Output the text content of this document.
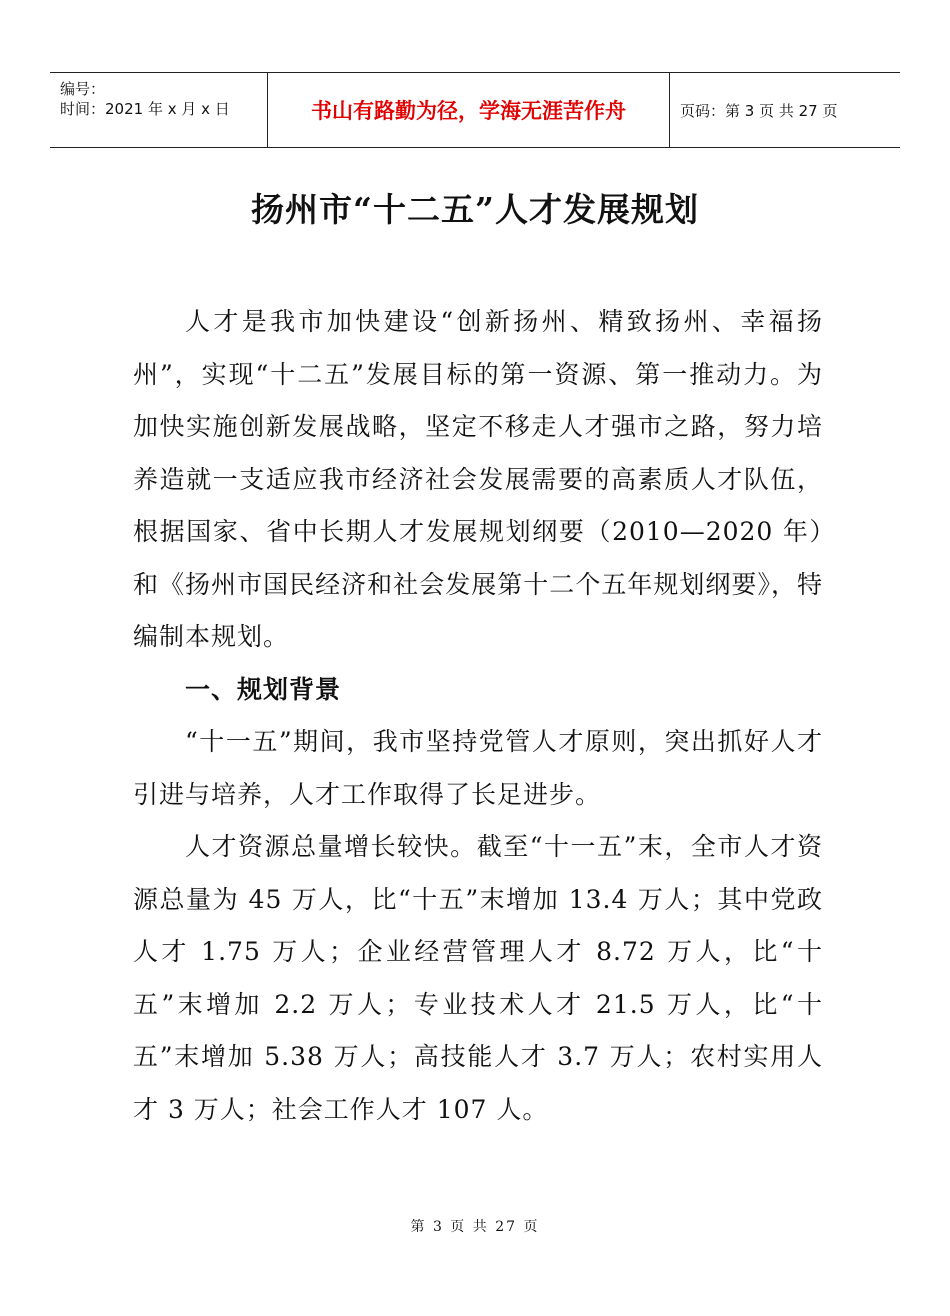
编号：
时间：2021 年 x 月 x 日	书山有路勤为径，学海无涯苦作舟	页码：第 3 页 共 27 页
扬州市“十二五”人才发展规划

人才是我市加快建设“创新扬州、精致扬州、幸福扬州”，实现“十二五”发展目标的第一资源、第一推动力。为加快实施创新发展战略，坚定不移走人才强市之路，努力培养造就一支适应我市经济社会发展需要的高素质人才队伍，根据国家、省中长期人才发展规划纲要（2010—2020 年）和《扬州市国民经济和社会发展第十二个五年规划纲要》，特编制本规划。

一、规划背景

“十一五”期间，我市坚持党管人才原则，突出抓好人才引进与培养，人才工作取得了长足进步。

人才资源总量增长较快。截至“十一五”末，全市人才资源总量为 45 万人，比“十五”末增加 13.4 万人；其中党政人才 1.75 万人；企业经营管理人才 8.72 万人，比“十五”末增加 2.2 万人；专业技术人才 21.5 万人，比“十五”末增加 5.38 万人；高技能人才 3.7 万人；农村实用人才 3 万人；社会工作人才 107 人。

第 3 页 共 27 页
